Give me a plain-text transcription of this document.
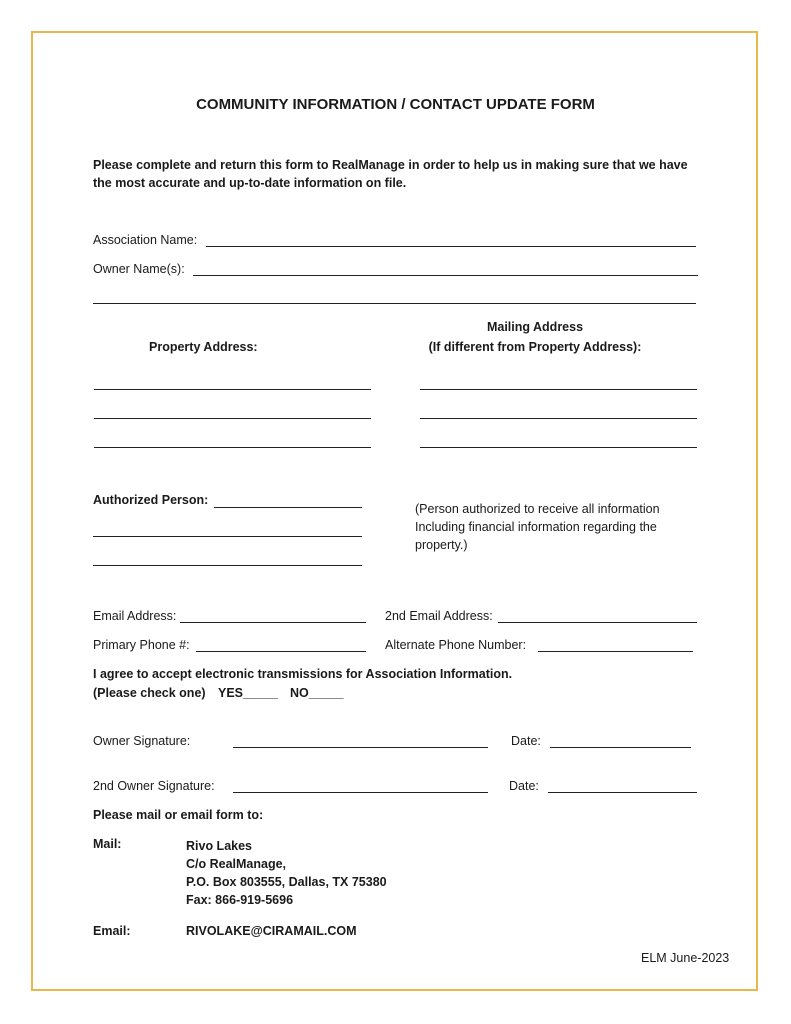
COMMUNITY INFORMATION / CONTACT UPDATE FORM
Please complete and return this form to RealManage in order to help us in making sure that we have the most accurate and up-to-date information on file.
Association Name:
Owner Name(s):
Property Address:
Mailing Address
(If different from Property Address):
Authorized Person:
(Person authorized to receive all information Including financial information regarding the property.)
Email Address:	2nd Email Address:
Primary Phone #:	Alternate Phone Number:
I agree to accept electronic transmissions for Association Information.
(Please check one) YES_____ NO_____
Owner Signature:	Date:
2nd Owner Signature:	Date:
Please mail or email form to:
Mail:	Rivo Lakes
C/o RealManage,
P.O. Box 803555, Dallas, TX 75380
Fax: 866-919-5696
Email:	RIVOLAKE@CIRAMAIL.COM
ELM June-2023
